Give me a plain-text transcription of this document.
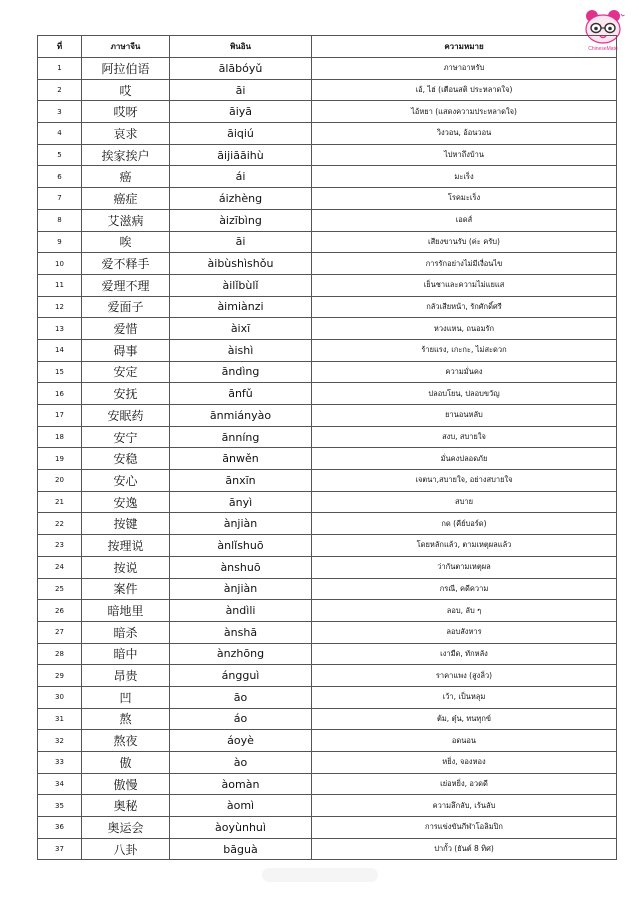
ChineseMate
ที่	ภาษาจีน	พินอิน	ความหมาย
1	阿拉伯语	ālābóyǔ	ภาษาอาหรับ
2	哎	āi	เอ้, ไฮ่ (เตือนสติ ประหลาดใจ)
3	哎呀	āiyā	ไอ้หยา (แสดงความประหลาดใจ)
4	哀求	āiqiú	วิงวอน, อ้อนวอน
5	挨家挨户	āijiāāihù	ไปหาถึงบ้าน
6	癌	ái	มะเร็ง
7	癌症	áizhèng	โรคมะเร็ง
8	艾滋病	àizībìng	เอดส์
9	唉	āi	เสียงขานรับ (ค่ะ ครับ)
10	爱不释手	àibùshìshǒu	การรักอย่างไม่มีเงื่อนไข
11	爱理不理	àilǐbùlǐ	เย็นชาและความไม่แยแส
12	爱面子	àimiànzi	กลัวเสียหน้า, รักศักดิ์ศรี
13	爱惜	àixī	หวงแหน, ถนอมรัก
14	碍事	àishì	ร้ายแรง, เกะกะ, ไม่สะดวก
15	安定	āndìng	ความมั่นคง
16	安抚	ānfǔ	ปลอบโยน, ปลอบขวัญ
17	安眠药	ānmiányào	ยานอนหลับ
18	安宁	ānníng	สงบ, สบายใจ
19	安稳	ānwěn	มั่นคงปลอดภัย
20	安心	ānxīn	เจตนา,สบายใจ, อย่างสบายใจ
21	安逸	ānyì	สบาย
22	按键	ànjiàn	กด (คีย์บอร์ด)
23	按理说	ànlǐshuō	โดยหลักแล้ว, ตามเหตุผลแล้ว
24	按说	ànshuō	ว่ากันตามเหตุผล
25	案件	ànjiàn	กรณี, คดีความ
26	暗地里	àndìli	ลอบ, ลับ ๆ
27	暗杀	ànshā	ลอบสังหาร
28	暗中	ànzhōng	เงามืด, ทักหลัง
29	昂贵	ángguì	ราคาแพง (สูงลิ่ว)
30	凹	āo	เว้า, เป็นหลุม
31	熬	áo	ต้ม, ตุ๋น, ทนทุกข์
32	熬夜	áoyè	อดนอน
33	傲	ào	หยิ่ง, จองหอง
34	傲慢	àomàn	เย่อหยิ่ง, อวดดี
35	奥秘	àomì	ความลึกลับ, เร้นลับ
36	奥运会	àoyùnhuì	การแข่งขันกีฬาโอลิมปิก
37	八卦	bāguà	ปากั้ว (ยันต์ 8 ทิศ)
